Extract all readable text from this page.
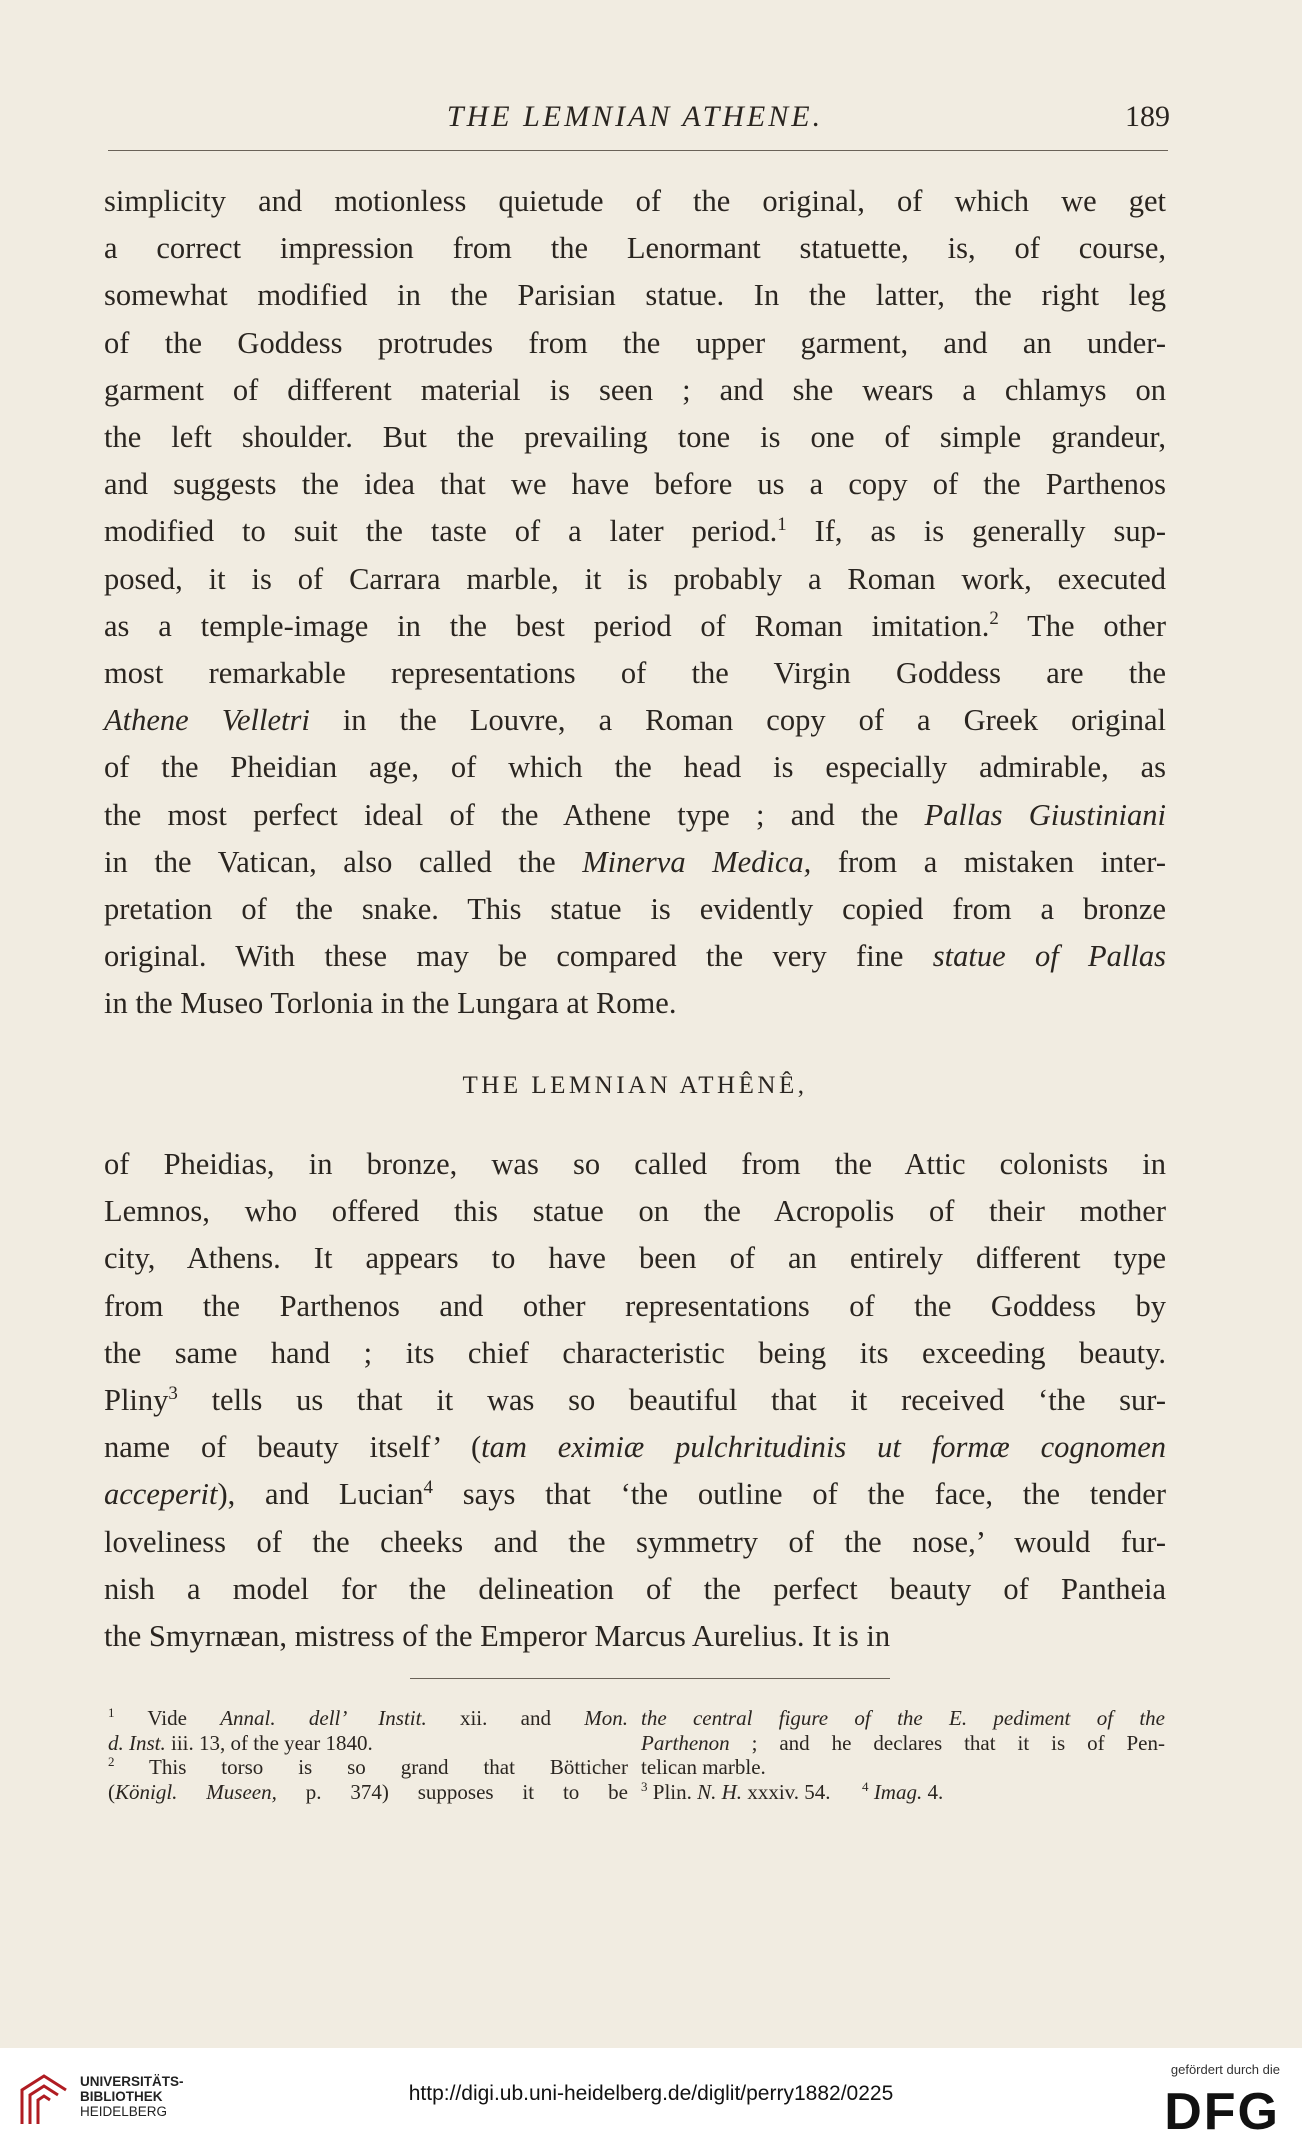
THE LEMNIAN ATHENE.	189
simplicity and motionless quietude of the original, of which we get
a correct impression from the Lenormant statuette, is, of course,
somewhat modified in the Parisian statue. In the latter, the right leg
of the Goddess protrudes from the upper garment, and an under-
garment of different material is seen ; and she wears a chlamys on
the left shoulder. But the prevailing tone is one of simple grandeur,
and suggests the idea that we have before us a copy of the Parthenos
modified to suit the taste of a later period.$^1$ If, as is generally sup-
posed, it is of Carrara marble, it is probably a Roman work, executed
as a temple-image in the best period of Roman imitation.$^2$ The other
most remarkable representations of the Virgin Goddess are the
Athene Velletri in the Louvre, a Roman copy of a Greek original
of the Pheidian age, of which the head is especially admirable, as
the most perfect ideal of the Athene type ; and the Pallas Giustiniani
in the Vatican, also called the Minerva Medica, from a mistaken inter-
pretation of the snake. This statue is evidently copied from a bronze
original. With these may be compared the very fine statue of Pallas
in the Museo Torlonia in the Lungara at Rome.
THE LEMNIAN ATHÊNÊ,
of Pheidias, in bronze, was so called from the Attic colonists in
Lemnos, who offered this statue on the Acropolis of their mother
city, Athens. It appears to have been of an entirely different type
from the Parthenos and other representations of the Goddess by
the same hand ; its chief characteristic being its exceeding beauty.
Pliny$^3$ tells us that it was so beautiful that it received ‘the sur-
name of beauty itself’ (tam eximiæ pulchritudinis ut formæ cognomen
acceperit), and Lucian$^4$ says that ‘the outline of the face, the tender
loveliness of the cheeks and the symmetry of the nose,’ would fur-
nish a model for the delineation of the perfect beauty of Pantheia
the Smyrnæan, mistress of the Emperor Marcus Aurelius. It is in
$^1$ Vide Annal. dell’ Instit. xii. and Mon.
d. Inst. iii. 13, of the year 1840.
$^2$ This torso is so grand that Bötticher
(Königl. Museen, p. 374) supposes it to be
the central figure of the E. pediment of the
Parthenon ; and he declares that it is of Pen-
telican marble.
$^3$ Plin. N. H. xxxiv. 54.      $^4$ Imag. 4.
UNIVERSITÄTS-
BIBLIOTHEK
HEIDELBERG
http://digi.ub.uni-heidelberg.de/diglit/perry1882/0225
gefördert durch die
DFG
